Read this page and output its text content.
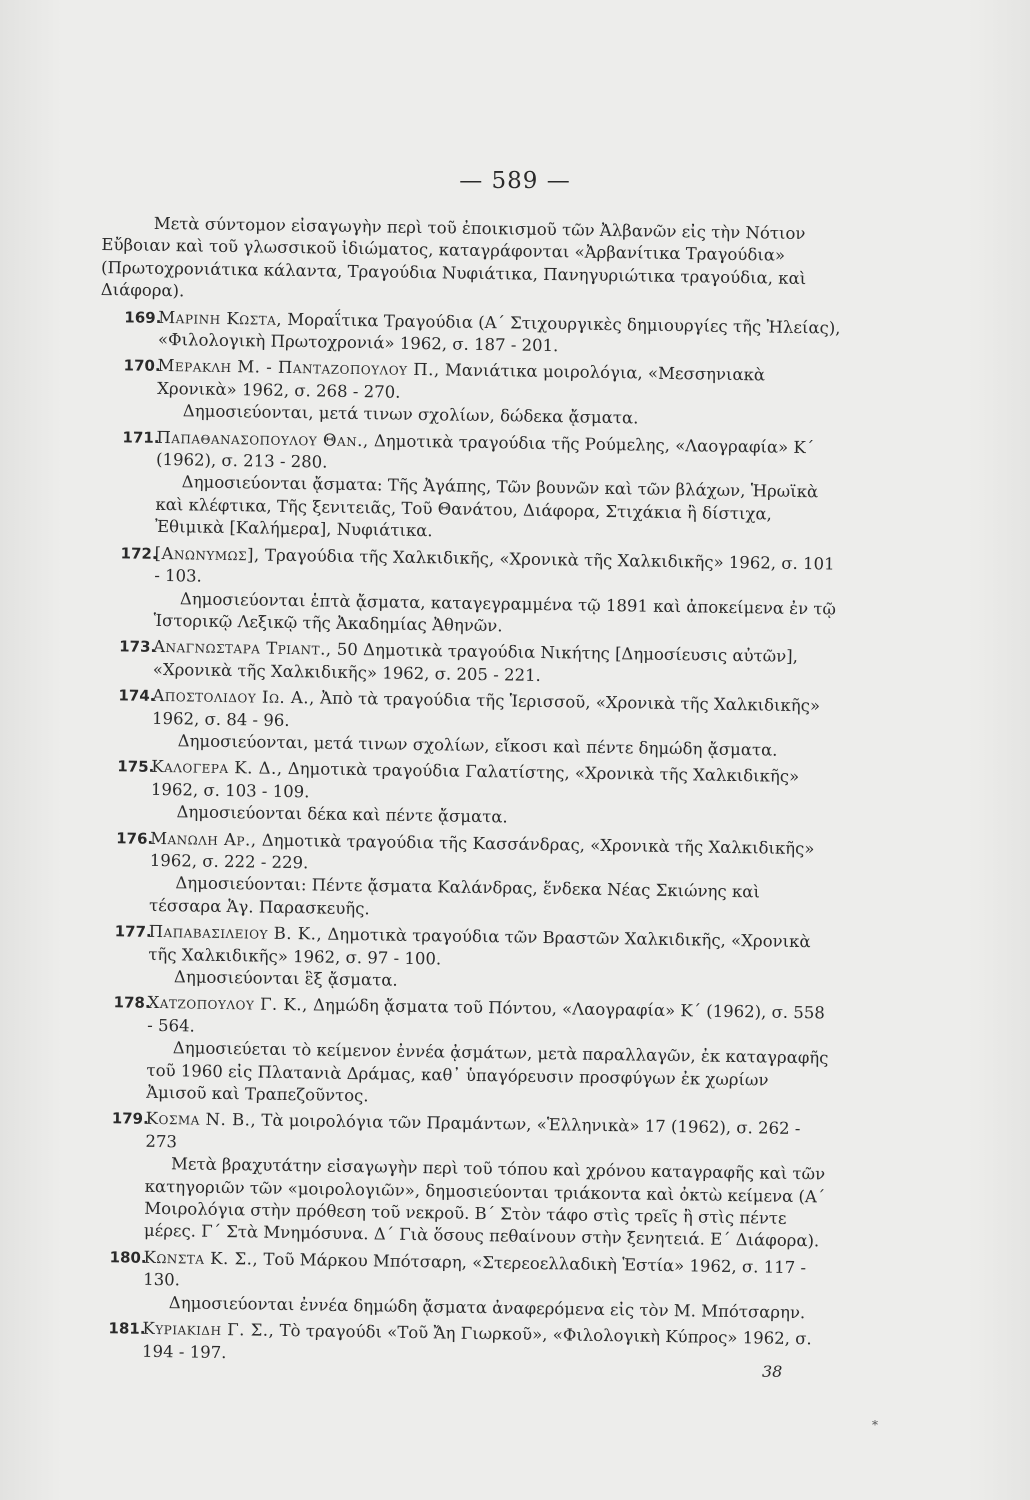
— 589 —

Μετὰ σύντομον εἰσαγωγὴν περὶ τοῦ ἐποικισμοῦ τῶν Ἀλβανῶν εἰς τὴν Νότιον Εὔβοιαν καὶ τοῦ γλωσσικοῦ ἰδιώματος, καταγράφονται «Ἀρβανίτικα Τραγούδια» (Πρωτοχρονιάτικα κάλαντα, Τραγούδια Νυφιάτικα, Πανηγυριώτικα τραγούδια, καὶ Διάφορα).

169.
Μαρινη Κωστα, Μοραΐτικα Τραγούδια (Α΄ Στιχουργικὲς δημιουργίες τῆς Ἠλείας), «Φιλολογικὴ Πρωτοχρονιά» 1962, σ. 187 - 201.
170.
Μερακλη Μ. - Πανταζοπουλου Π., Μανιάτικα μοιρολόγια, «Μεσσηνιακὰ Χρονικὰ» 1962, σ. 268 - 270.

Δημοσιεύονται, μετά τινων σχολίων, δώδεκα ᾄσματα.

171.
Παπαθανασοπουλου Θαν., Δημοτικὰ τραγούδια τῆς Ρούμελης, «Λαογραφία» Κ΄ (1962), σ. 213 - 280.

Δημοσιεύονται ᾄσματα: Τῆς Ἀγάπης, Τῶν βουνῶν καὶ τῶν βλάχων, Ἡρωϊκὰ καὶ κλέφτικα, Τῆς ξενιτειᾶς, Τοῦ Θανάτου, Διάφορα, Στιχάκια ἢ δίστιχα, Ἐθιμικὰ [Καλήμερα], Νυφιάτικα.

172.
[Ανωνυμως], Τραγούδια τῆς Χαλκιδικῆς, «Χρονικὰ τῆς Χαλκιδικῆς» 1962, σ. 101 - 103.

Δημοσιεύονται ἑπτὰ ᾄσματα, καταγεγραμμένα τῷ 1891 καὶ ἀποκείμενα ἐν τῷ Ἱστορικῷ Λεξικῷ τῆς Ἀκαδημίας Ἀθηνῶν.

173.
Αναγνωσταρα Τριαντ., 50 Δημοτικὰ τραγούδια Νικήτης [Δημοσίευσις αὐτῶν], «Χρονικὰ τῆς Χαλκιδικῆς» 1962, σ. 205 - 221.
174.
Αποστολιδου Ιω. Α., Ἀπὸ τὰ τραγούδια τῆς Ἱερισσοῦ, «Χρονικὰ τῆς Χαλκιδικῆς» 1962, σ. 84 - 96.

Δημοσιεύονται, μετά τινων σχολίων, εἴκοσι καὶ πέντε δημώδη ᾄσματα.

175.
Καλογερα Κ. Δ., Δημοτικὰ τραγούδια Γαλατίστης, «Χρονικὰ τῆς Χαλκιδικῆς» 1962, σ. 103 - 109.

Δημοσιεύονται δέκα καὶ πέντε ᾄσματα.

176.
Μανωλη Αρ., Δημοτικὰ τραγούδια τῆς Κασσάνδρας, «Χρονικὰ τῆς Χαλκιδικῆς» 1962, σ. 222 - 229.

Δημοσιεύονται: Πέντε ᾄσματα Καλάνδρας, ἕνδεκα Νέας Σκιώνης καὶ τέσσαρα Ἁγ. Παρασκευῆς.

177.
Παπαβασιλειου Β. Κ., Δημοτικὰ τραγούδια τῶν Βραστῶν Χαλκιδικῆς, «Χρονικὰ τῆς Χαλκιδικῆς» 1962, σ. 97 - 100.

Δημοσιεύονται ἓξ ᾄσματα.

178.
Χατζοπουλου Γ. Κ., Δημώδη ᾄσματα τοῦ Πόντου, «Λαογραφία» Κ΄ (1962), σ. 558 - 564.

Δημοσιεύεται τὸ κείμενον ἐννέα ᾀσμάτων, μετὰ παραλλαγῶν, ἐκ καταγραφῆς τοῦ 1960 εἰς Πλατανιὰ Δράμας, καθ᾽ ὑπαγόρευσιν προσφύγων ἐκ χωρίων Ἀμισοῦ καὶ Τραπεζοῦντος.

179.
Κοσμα Ν. Β., Τὰ μοιρολόγια τῶν Πραμάντων, «Ἑλληνικὰ» 17 (1962), σ. 262 - 273

Μετὰ βραχυτάτην εἰσαγωγὴν περὶ τοῦ τόπου καὶ χρόνου καταγραφῆς καὶ τῶν κατηγοριῶν τῶν «μοιρολογιῶν», δημοσιεύονται τριάκοντα καὶ ὀκτὼ κείμενα (Α΄ Μοιρολόγια στὴν πρόθεση τοῦ νεκροῦ. Β΄ Στὸν τάφο στὶς τρεῖς ἢ στὶς πέντε μέρες. Γ΄ Στὰ Μνημόσυνα. Δ΄ Γιὰ ὅσους πεθαίνουν στὴν ξενητειά. Ε΄ Διάφορα).

180.
Κωνστα Κ. Σ., Τοῦ Μάρκου Μπότσαρη, «Στερεοελλαδικὴ Ἑστία» 1962, σ. 117 - 130.

Δημοσιεύονται ἐννέα δημώδη ᾄσματα ἀναφερόμενα εἰς τὸν Μ. Μπότσαρην.

181.
Κυριακιδη Γ. Σ., Τὸ τραγούδι «Τοῦ Ἄη Γιωρκοῦ», «Φιλολογικὴ Κύπρος» 1962, σ. 194 - 197.
38
*
